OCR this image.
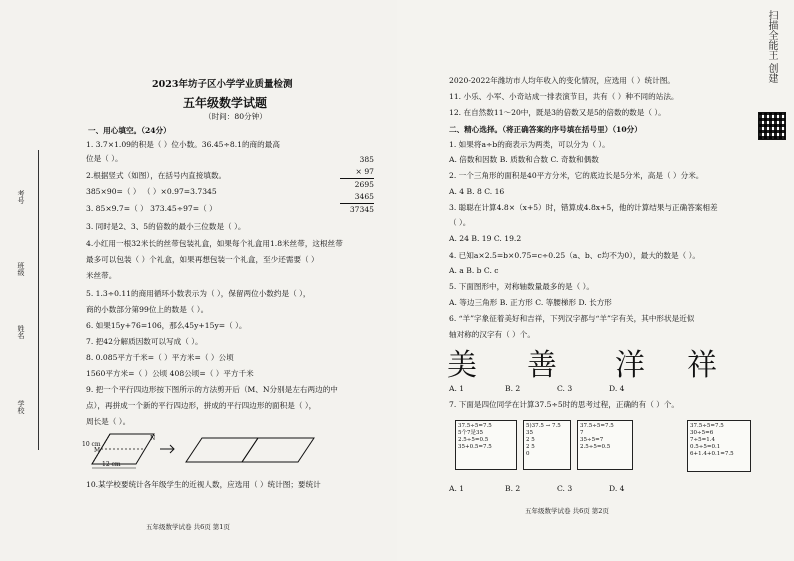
学校
姓名
班级
考号
2023年坊子区小学学业质量检测
五年级数学试题
（时间：80分钟）
一、用心填空。（24分）
1. 3.7×1.09的积是（ ）位小数。36.45÷8.1的商的最高
位是（ ）。
2.根据竖式（如图），在括号内直接填数。
385×90=（ ） （ ）×0.97=3.7345
3. 85×9.7=（ ） 373.45÷97=（ ）
3. 同时是2、3、5的倍数的最小三位数是（ ）。
4.小红用一根32米长的丝带包装礼盒，如果每个礼盒用1.8米丝带，这根丝带
最多可以包装（ ）个礼盒，如果再想包装一个礼盒，至少还需要（ ）
米丝带。
5. 1.3÷0.11的商用循环小数表示为（ ），保留两位小数约是（ ），
商的小数部分第99位上的数是（ ）。
6. 如果15y+76=106，那么45y+15y=（ ）。
7. 把42分解质因数可以写成（ ）。
8. 0.085平方千米=（ ）平方米=（ ）公顷
1560平方米=（ ）公顷 408公顷=（ ）平方千米
9. 把一个平行四边形按下图所示的方法剪开后（M、N分别是左右两边的中
点），再拼成一个新的平行四边形，拼成的平行四边形的面积是（ ），
周长是（ ）。
385
× 97
2695
3465
37345
10 cm
M
N
12 cm
10.某学校要统计各年级学生的近视人数，应选用（ ）统计图；要统计
五年级数学试卷 共6页 第1页
2020-2022年潍坊市人均年收入的变化情况，应选用（ ）统计图。
11. 小乐、小军、小奇站成一排表演节目，共有（ ）种不同的站法。
12. 在自然数11～20中，既是3的倍数又是5的倍数的数是（ ）。
二、精心选择。（将正确答案的序号填在括号里）（10分）
1. 如果将a÷b的商表示为两类，可以分为（ ）。
A. 倍数和因数 B. 质数和合数 C. 奇数和偶数
2. 一个三角形的面积是40平方分米，它的底边长是5分米，高是（ ）分米。
A. 4 B. 8 C. 16
3. 聪聪在计算4.8×（x+5）时，错算成4.8x+5，他的计算结果与正确答案相差
（ ）。
A. 24 B. 19 C. 19.2
4. 已知a×2.5=b×0.75=c÷0.25（a、b、c均不为0），最大的数是（ ）。
A. a B. b C. c
5. 下面图形中，对称轴数量最多的是（ ）。
A. 等边三角形 B. 正方形 C. 等腰梯形 D. 长方形
6. “羊”字象征着美好和吉祥，下列汉字都与“羊”字有关，其中形状是近似
轴对称的汉字有（ ）个。
美 善 洋 祥
A. 1	B. 2	C. 3	D. 4
7. 下面是四位同学在计算37.5÷5时的思考过程，正确的有（ ）个。
37.5÷5=7.5
5个7是35
2.5÷5=0.5
35+0.5=7.5
5)37.5 → 7.5
35
2 5
2 5
0
37.5÷5=7.5
7
35÷5=7
2.5÷5=0.5
37.5÷5=7.5
30÷5=6
7÷5=1.4
0.5÷5=0.1
6+1.4+0.1=7.5
A. 1	B. 2	C. 3	D. 4
五年级数学试卷 共6页 第2页
扫描全能王 创建
